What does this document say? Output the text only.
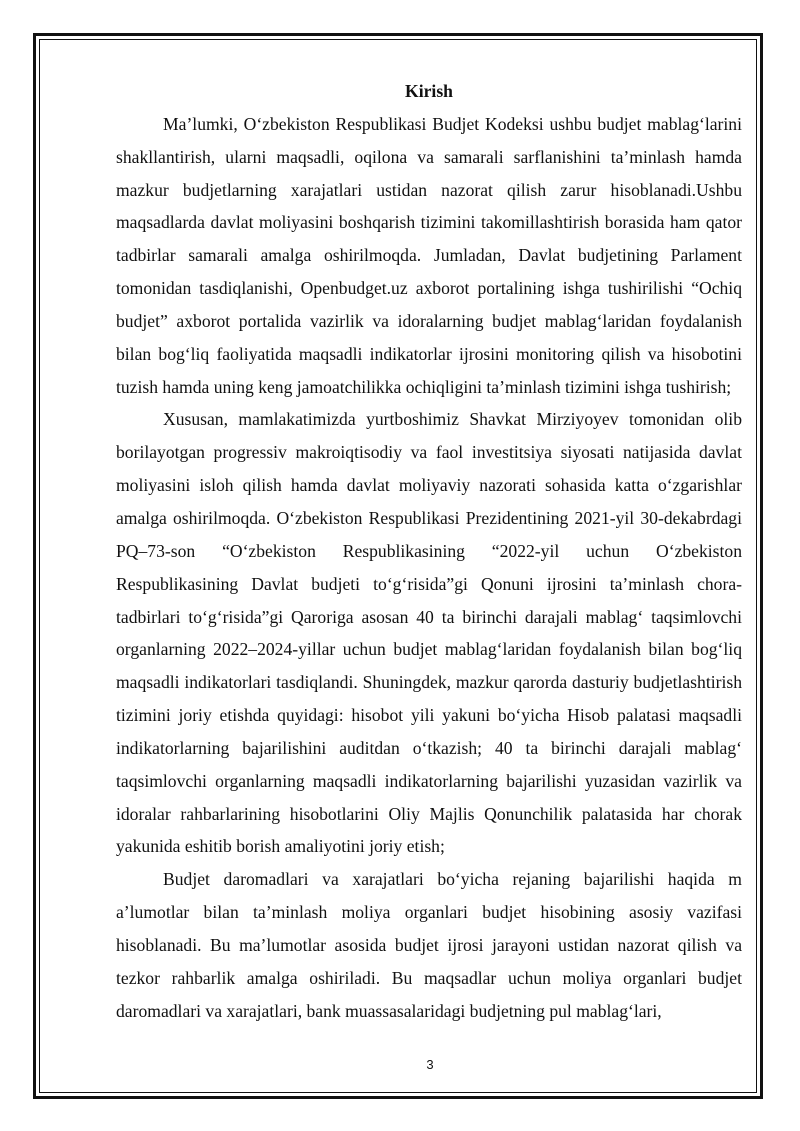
Kirish

Ma’lumki, O‘zbekiston Respublikasi Budjet Kodeksi ushbu budjet mablag‘larini shakllantirish, ularni maqsadli, oqilona va samarali sarflanishini ta’minlash hamda mazkur budjetlarning xarajatlari ustidan nazorat qilish zarur hisoblanadi.Ushbu maqsadlarda davlat moliyasini boshqarish tizimini takomillashtirish borasida ham qator tadbirlar samarali amalga oshirilmoqda. Jumladan, Davlat budjetining Parlament tomonidan tasdiqlanishi, Openbudget.uz axborot portalining ishga tushirilishi “Ochiq budjet” axborot portalida vazirlik va idoralarning budjet mablag‘laridan foydalanish bilan bog‘liq faoliyatida maqsadli indikatorlar ijrosini monitoring qilish va hisobotini tuzish hamda uning keng jamoatchilikka ochiqligini ta’minlash tizimini ishga tushirish;

Xususan, mamlakatimizda yurtboshimiz Shavkat Mirziyoyev tomonidan olib borilayotgan progressiv makroiqtisodiy va faol investitsiya siyosati natijasida davlat moliyasini isloh qilish hamda davlat moliyaviy nazorati sohasida katta o‘zgarishlar amalga oshirilmoqda. O‘zbekiston Respublikasi Prezidentining 2021-yil 30-dekabrdagi PQ–73-son “O‘zbekiston Respublikasining “2022-yil uchun O‘zbekiston Respublikasining Davlat budjeti to‘g‘risida”gi Qonuni ijrosini ta’minlash chora-tadbirlari to‘g‘risida”gi Qaroriga asosan 40 ta birinchi darajali mablag‘ taqsimlovchi organlarning 2022–2024-yillar uchun budjet mablag‘laridan foydalanish bilan bog‘liq maqsadli indikatorlari tasdiqlandi. Shuningdek, mazkur qarorda dasturiy budjetlashtirish tizimini joriy etishda quyidagi: hisobot yili yakuni bo‘yicha Hisob palatasi maqsadli indikatorlarning bajarilishini auditdan o‘tkazish; 40 ta birinchi darajali mablag‘ taqsimlovchi organlarning maqsadli indikatorlarning bajarilishi yuzasidan vazirlik va idoralar rahbarlarining hisobotlarini Oliy Majlis Qonunchilik palatasida har chorak yakunida eshitib borish amaliyotini joriy etish;

Budjet daromadlari va xarajatlari bo‘yicha rejaning bajarilishi haqida m a’lumotlar bilan ta’minlash moliya organlari budjet hisobining asosiy vazifasi hisoblanadi. Bu ma’lumotlar asosida budjet ijrosi jarayoni ustidan nazorat qilish va tezkor rahbarlik amalga oshiriladi. Bu maqsadlar uchun moliya organlari budjet daromadlari va xarajatlari, bank muassasalaridagi budjetning pul mablag‘lari,

3
